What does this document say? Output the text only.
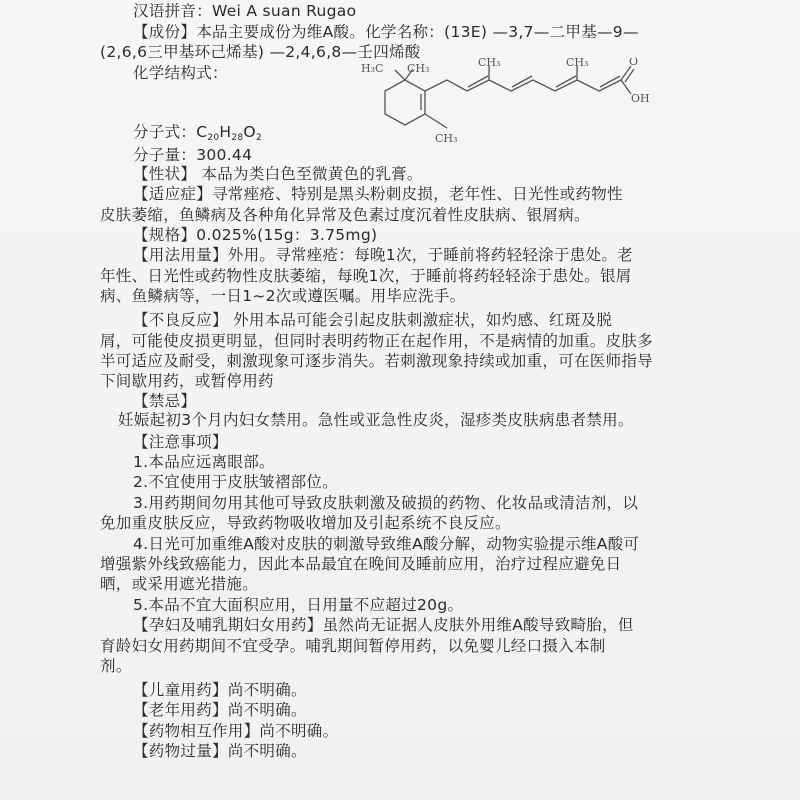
汉语拼音：Wei A suan Rugao

【成份】本品主要成份为维A酸。化学名称：(13E) —3,7—二甲基—9—

(2,6,6三甲基环己烯基) —2,4,6,8—壬四烯酸

化学结构式：	H₃C CH₃	CH₃	CH₃
CH₃
O
OH

分子式：$C_{20}H_{28}O_2$

分子量：300.44

【性状】 本品为类白色至微黄色的乳膏。

【适应症】寻常痤疮、特别是黑头粉刺皮损，老年性、日光性或药物性

皮肤萎缩，鱼鳞病及各种角化异常及色素过度沉着性皮肤病、银屑病。

【规格】0.025%(15g：3.75mg)

【用法用量】外用。寻常痤疮：每晚1次，于睡前将药轻轻涂于患处。老

年性、日光性或药物性皮肤萎缩，每晚1次，于睡前将药轻轻涂于患处。银屑

病、鱼鳞病等，一日1~2次或遵医嘱。用毕应洗手。

【不良反应】 外用本品可能会引起皮肤刺激症状，如灼感、红斑及脱

屑，可能使皮损更明显，但同时表明药物正在起作用，不是病情的加重。皮肤多

半可适应及耐受，刺激现象可逐步消失。若刺激现象持续或加重，可在医师指导

下间歇用药，或暂停用药

【禁忌】

妊娠起初3个月内妇女禁用。急性或亚急性皮炎，湿疹类皮肤病患者禁用。

【注意事项】

1.本品应远离眼部。

2.不宜使用于皮肤皱褶部位。

3.用药期间勿用其他可导致皮肤刺激及破损的药物、化妆品或清洁剂，以

免加重皮肤反应，导致药物吸收增加及引起系统不良反应。

4.日光可加重维A酸对皮肤的刺激导致维A酸分解，动物实验提示维A酸可

增强紫外线致癌能力，因此本品最宜在晚间及睡前应用，治疗过程应避免日

晒，或采用遮光措施。

5.本品不宜大面积应用，日用量不应超过20g。

【孕妇及哺乳期妇女用药】虽然尚无证据人皮肤外用维A酸导致畸胎，但

育龄妇女用药期间不宜受孕。哺乳期间暂停用药，以免婴儿经口摄入本制

剂。

【儿童用药】尚不明确。

【老年用药】尚不明确。

【药物相互作用】尚不明确。

【药物过量】尚不明确。
